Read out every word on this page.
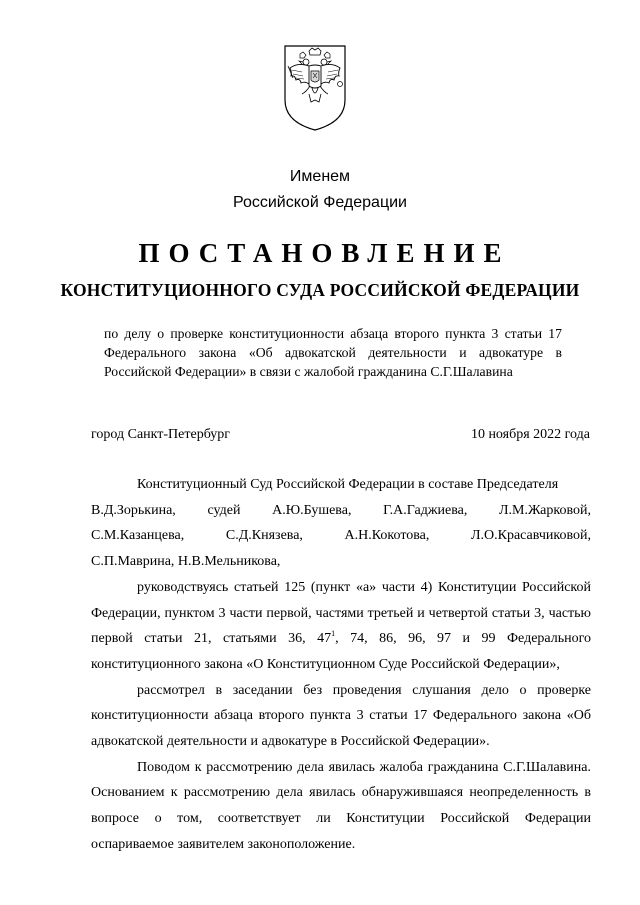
Именем
Российской Федерации
ПОСТАНОВЛЕНИЕ
КОНСТИТУЦИОННОГО СУДА РОССИЙСКОЙ ФЕДЕРАЦИИ
по делу о проверке конституционности абзаца второго пункта 3 статьи 17 Федерального закона «Об адвокатской деятельности и адвокатуре в Российской Федерации» в связи с жалобой гражданина С.Г.Шалавина
город Санкт-Петербург	10 ноября 2022 года

Конституционный Суд Российской Федерации в составе Председателя

В.Д.Зорькина, судей А.Ю.Бушева, Г.А.Гаджиева, Л.М.Жарковой,
С.М.Казанцева,	С.Д.Князева,	А.Н.Кокотова,	Л.О.Красавчиковой,
С.П.Маврина, Н.В.Мельникова,

руководствуясь статьей 125 (пункт «а» части 4) Конституции Российской Федерации, пунктом 3 части первой, частями третьей и четвертой статьи 3, частью первой статьи 21, статьями 36, $47^1$, 74, 86, 96, 97 и 99 Федерального конституционного закона «О Конституционном Суде Российской Федерации»,

рассмотрел в заседании без проведения слушания дело о проверке конституционности абзаца второго пункта 3 статьи 17 Федерального закона «Об адвокатской деятельности и адвокатуре в Российской Федерации».

Поводом к рассмотрению дела явилась жалоба гражданина С.Г.Шалавина. Основанием к рассмотрению дела явилась обнаружившаяся неопределенность в вопросе о том, соответствует ли Конституции Российской Федерации оспариваемое заявителем законоположение.
